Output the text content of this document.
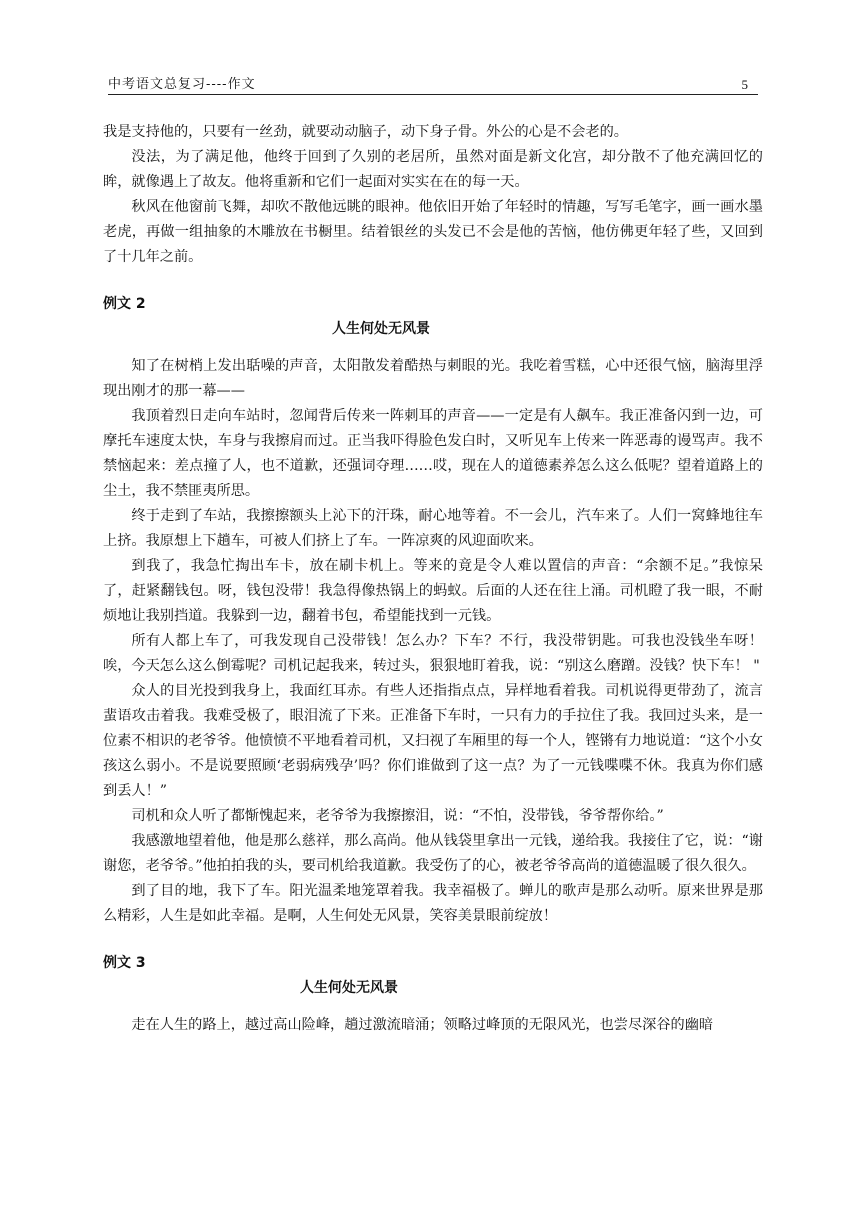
中考语文总复习----作文	5

我是支持他的，只要有一丝劲，就要动动脑子，动下身子骨。外公的心是不会老的。

没法，为了满足他，他终于回到了久别的老居所，虽然对面是新文化宫，却分散不了他充满回忆的眸，就像遇上了故友。他将重新和它们一起面对实实在在的每一天。

秋风在他窗前飞舞，却吹不散他远眺的眼神。他依旧开始了年轻时的情趣，写写毛笔字，画一画水墨老虎，再做一组抽象的木雕放在书橱里。结着银丝的头发已不会是他的苦恼，他仿佛更年轻了些，又回到了十几年之前。

例文 2
人生何处无风景

知了在树梢上发出聒噪的声音，太阳散发着酷热与刺眼的光。我吃着雪糕，心中还很气恼，脑海里浮现出刚才的那一幕——

我顶着烈日走向车站时，忽闻背后传来一阵刺耳的声音——一定是有人飙车。我正准备闪到一边，可摩托车速度太快，车身与我擦肩而过。正当我吓得脸色发白时，又听见车上传来一阵恶毒的谩骂声。我不禁恼起来：差点撞了人，也不道歉，还强词夺理……哎，现在人的道德素养怎么这么低呢？望着道路上的尘土，我不禁匪夷所思。

终于走到了车站，我擦擦额头上沁下的汗珠，耐心地等着。不一会儿，汽车来了。人们一窝蜂地往车上挤。我原想上下趟车，可被人们挤上了车。一阵凉爽的风迎面吹来。

到我了，我急忙掏出车卡，放在刷卡机上。等来的竟是令人难以置信的声音：“余额不足。”我惊呆了，赶紧翻钱包。呀，钱包没带！我急得像热锅上的蚂蚁。后面的人还在往上涌。司机瞪了我一眼，不耐烦地让我别挡道。我躲到一边，翻着书包，希望能找到一元钱。

所有人都上车了，可我发现自己没带钱！怎么办？下车？不行，我没带钥匙。可我也没钱坐车呀！唉，今天怎么这么倒霉呢？司机记起我来，转过头，狠狠地盯着我，说：“别这么磨蹭。没钱？快下车！ "

众人的目光投到我身上，我面红耳赤。有些人还指指点点，异样地看着我。司机说得更带劲了，流言蜚语攻击着我。我难受极了，眼泪流了下来。正准备下车时，一只有力的手拉住了我。我回过头来，是一位素不相识的老爷爷。他愤愤不平地看着司机，又扫视了车厢里的每一个人，铿锵有力地说道：“这个小女孩这么弱小。不是说要照顾‘老弱病残孕’吗？你们谁做到了这一点？为了一元钱喋喋不休。我真为你们感到丢人！”

司机和众人听了都惭愧起来，老爷爷为我擦擦泪，说：“不怕，没带钱，爷爷帮你给。”

我感激地望着他，他是那么慈祥，那么高尚。他从钱袋里拿出一元钱，递给我。我接住了它，说：“谢谢您，老爷爷。”他拍拍我的头，要司机给我道歉。我受伤了的心，被老爷爷高尚的道德温暖了很久很久。

到了目的地，我下了车。阳光温柔地笼罩着我。我幸福极了。蝉儿的歌声是那么动听。原来世界是那么精彩，人生是如此幸福。是啊，人生何处无风景，笑容美景眼前绽放！

例文 3
人生何处无风景

走在人生的路上，越过高山险峰，趟过激流暗涌；领略过峰顶的无限风光，也尝尽深谷的幽暗
